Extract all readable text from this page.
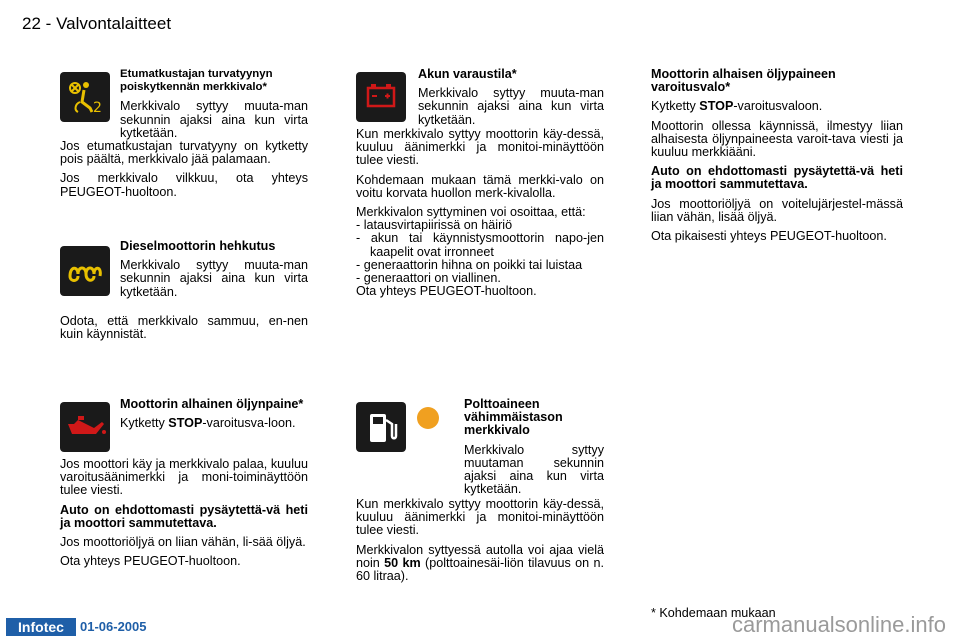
22 - Valvontalaitteet
2

Etumatkustajan turvatyynyn poiskytkennän merkkivalo*

Merkkivalo syttyy muuta-man sekunnin ajaksi aina kun virta kytketään.

Jos etumatkustajan turvatyyny on kytketty pois päältä, merkkivalo jää palamaan.

Jos merkkivalo vilkkuu, ota yhteys PEUGEOT-huoltoon.

Dieselmoottorin hehkutus

Merkkivalo syttyy muuta-man sekunnin ajaksi aina kun virta kytketään.

Odota, että merkkivalo sammuu, en-nen kuin käynnistät.

Moottorin alhainen öljynpaine*

Kytketty STOP-varoitusva-loon.

Jos moottori käy ja merkkivalo palaa, kuuluu varoitusäänimerkki ja moni-toiminäyttöön tulee viesti.

Auto on ehdottomasti pysäytettä-vä heti ja moottori sammutettava.

Jos moottoriöljyä on liian vähän, li-sää öljyä.

Ota yhteys PEUGEOT-huoltoon.

Akun varaustila*

Merkkivalo syttyy muuta-man sekunnin ajaksi aina kun virta kytketään.

Kun merkkivalo syttyy moottorin käy-dessä, kuuluu äänimerkki ja monitoi-minäyttöön tulee viesti.

Kohdemaan mukaan tämä merkki-valo on voitu korvata huollon merk-kivalolla.

Merkkivalon syttyminen voi osoittaa, että:

- latausvirtapiirissä on häiriö
- akun tai käynnistysmoottorin napo-jen kaapelit ovat irronneet
- generaattorin hihna on poikki tai luistaa
- generaattori on viallinen.

Ota yhteys PEUGEOT-huoltoon.

Polttoaineen vähimmäistason merkkivalo

Merkkivalo syttyy muutaman sekunnin ajaksi aina kun virta kytketään.

Kun merkkivalo syttyy moottorin käy-dessä, kuuluu äänimerkki ja monitoi-minäyttöön tulee viesti.

Merkkivalon syttyessä autolla voi ajaa vielä noin 50 km (polttoainesäi-liön tilavuus on n. 60 litraa).

Moottorin alhaisen öljypaineen varoitusvalo*

Kytketty STOP-varoitusvaloon.

Moottorin ollessa käynnissä, ilmestyy liian alhaisesta öljynpaineesta varoit-tava viesti ja kuuluu merkkiääni.

Auto on ehdottomasti pysäytettä-vä heti ja moottori sammutettava.

Jos moottoriöljyä on voitelujärjestel-mässä liian vähän, lisää öljyä.

Ota pikaisesti yhteys PEUGEOT-huoltoon.

* Kohdemaan mukaan
Infotec	01-06-2005	carmanualsonline.info
